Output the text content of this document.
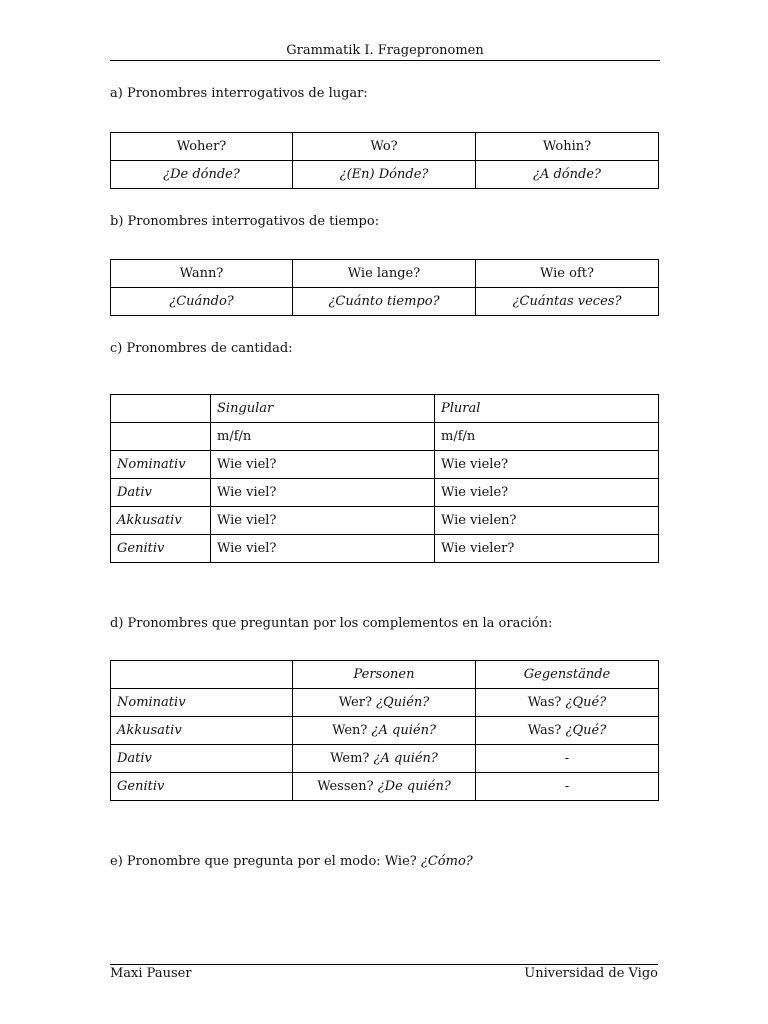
Grammatik I. Fragepronomen
a) Pronombres interrogativos de lugar:
Woher?	Wo?	Wohin?
¿De dónde?	¿(En) Dónde?	¿A dónde?
b) Pronombres interrogativos de tiempo:
Wann?	Wie lange?	Wie oft?
¿Cuándo?	¿Cuánto tiempo?	¿Cuántas veces?
c) Pronombres de cantidad:
	Singular	Plural
	m/f/n	m/f/n
Nominativ	Wie viel?	Wie viele?
Dativ	Wie viel?	Wie viele?
Akkusativ	Wie viel?	Wie vielen?
Genitiv	Wie viel?	Wie vieler?
d) Pronombres que preguntan por los complementos en la oración:
	Personen	Gegenstände
Nominativ	Wer? ¿Quién?	Was? ¿Qué?
Akkusativ	Wen? ¿A quién?	Was? ¿Qué?
Dativ	Wem? ¿A quién?	-
Genitiv	Wessen? ¿De quién?	-
e) Pronombre que pregunta por el modo: Wie? ¿Cómo?
Maxi Pauser	Universidad de Vigo
